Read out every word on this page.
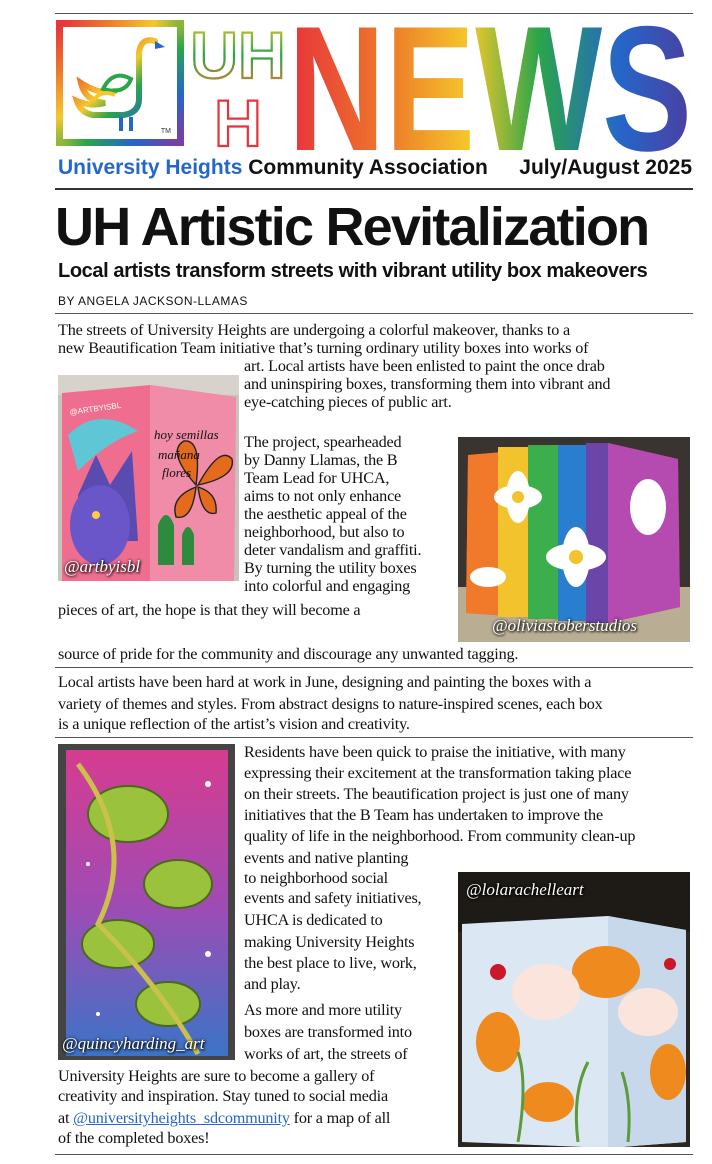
TM
UH
H NEWS
University Heights Community Association July/August 2025
UH Artistic Revitalization
Local artists transform streets with vibrant utility box makeovers
BY ANGELA JACKSON-LLAMAS
The streets of University Heights are undergoing a colorful makeover, thanks to a
new Beautification Team initiative that’s turning ordinary utility boxes into works of
art. Local artists have been enlisted to paint the once drab
and uninspiring boxes, transforming them into vibrant and
eye-catching pieces of public art.
The project, spearheaded
by Danny Llamas, the B
Team Lead for UHCA,
aims to not only enhance
the aesthetic appeal of the
neighborhood, but also to
deter vandalism and graffiti.
By turning the utility boxes
into colorful and engaging
pieces of art, the hope is that they will become a
source of pride for the community and discourage any unwanted tagging.
Local artists have been hard at work in June, designing and painting the boxes with a
variety of themes and styles. From abstract designs to nature-inspired scenes, each box
is a unique reflection of the artist’s vision and creativity.
Residents have been quick to praise the initiative, with many
expressing their excitement at the transformation taking place
on their streets. The beautification project is just one of many
initiatives that the B Team has undertaken to improve the
quality of life in the neighborhood. From community clean-up
events and native planting
to neighborhood social
events and safety initiatives,
UHCA is dedicated to
making University Heights
the best place to live, work,
and play.
As more and more utility
boxes are transformed into
works of art, the streets of
University Heights are sure to become a gallery of
creativity and inspiration. Stay tuned to social media
at @universityheights_sdcommunity for a map of all
of the completed boxes!
hoy semillas
mañana
flores
@ARTBYISBL
@artbyisbl
@oliviastoberstudios
@quincyharding_art
@lolarachelleart
